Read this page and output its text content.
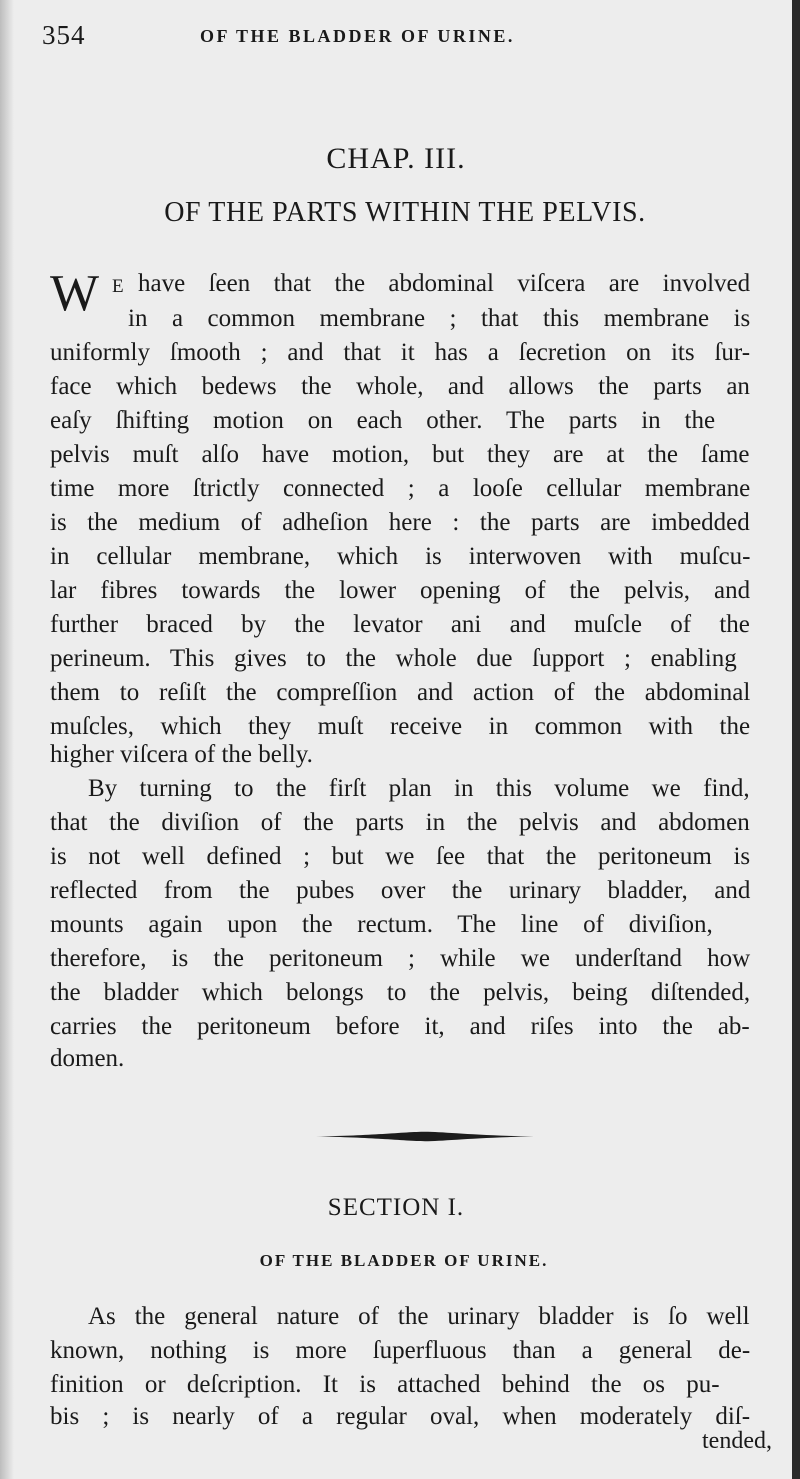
354	OF THE BLADDER OF URINE.
CHAP. III.
OF THE PARTS WITHIN THE PELVIS.
W E have ſeen that the abdominal viſcera are involved
in a common membrane ; that this membrane is
uniformly ſmooth ; and that it has a ſecretion on its ſur-
face which bedews the whole, and allows the parts an
eaſy ſhifting motion on each other. The parts in the
pelvis muſt alſo have motion, but they are at the ſame
time more ſtrictly connected ; a looſe cellular membrane
is the medium of adheſion here : the parts are imbedded
in cellular membrane, which is interwoven with muſcu-
lar fibres towards the lower opening of the pelvis, and
further braced by the levator ani and muſcle of the
perineum. This gives to the whole due ſupport ; enabling
them to reſiſt the compreſſion and action of the abdominal
muſcles, which they muſt receive in common with the
higher viſcera of the belly.
By turning to the firſt plan in this volume we find,
that the diviſion of the parts in the pelvis and abdomen
is not well defined ; but we ſee that the peritoneum is
reflected from the pubes over the urinary bladder, and
mounts again upon the rectum. The line of diviſion,
therefore, is the peritoneum ; while we underſtand how
the bladder which belongs to the pelvis, being diſtended,
carries the peritoneum before it, and riſes into the ab-
domen.
SECTION I.
OF THE BLADDER OF URINE.
As the general nature of the urinary bladder is ſo well
known, nothing is more ſuperfluous than a general de-
finition or deſcription. It is attached behind the os pu-
bis ; is nearly of a regular oval, when moderately diſ-
tended,
